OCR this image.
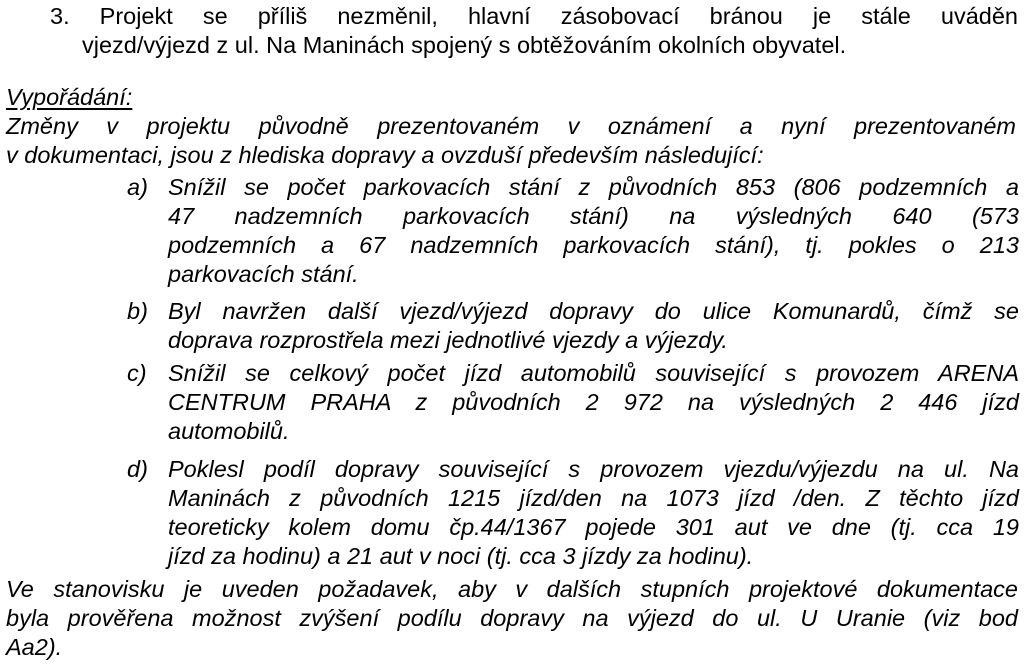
3. Projekt se příliš nezměnil, hlavní zásobovací bránou je stále uváděn
vjezd/výjezd z ul. Na Maninách spojený s obtěžováním okolních obyvatel.
Vypořádání:
Změny v projektu původně prezentovaném v oznámení a nyní prezentovaném
v dokumentaci, jsou z hlediska dopravy a ovzduší především následující:
a) Snížil se počet parkovacích stání z původních 853 (806 podzemních a
47 nadzemních parkovacích stání) na výsledných 640 (573
podzemních a 67 nadzemních parkovacích stání), tj. pokles o 213
parkovacích stání.
b) Byl navržen další vjezd/výjezd dopravy do ulice Komunardů, čímž se
doprava rozprostřela mezi jednotlivé vjezdy a výjezdy.
c) Snížil se celkový počet jízd automobilů související s provozem ARENA
CENTRUM PRAHA z původních 2 972 na výsledných 2 446 jízd
automobilů.
d) Poklesl podíl dopravy související s provozem vjezdu/výjezdu na ul. Na
Maninách z původních 1215 jízd/den na 1073 jízd /den. Z těchto jízd
teoreticky kolem domu čp.44/1367 pojede 301 aut ve dne (tj. cca 19
jízd za hodinu) a 21 aut v noci (tj. cca 3 jízdy za hodinu).
Ve stanovisku je uveden požadavek, aby v dalších stupních projektové dokumentace
byla prověřena možnost zvýšení podílu dopravy na výjezd do ul. U Uranie (viz bod
Aa2).
